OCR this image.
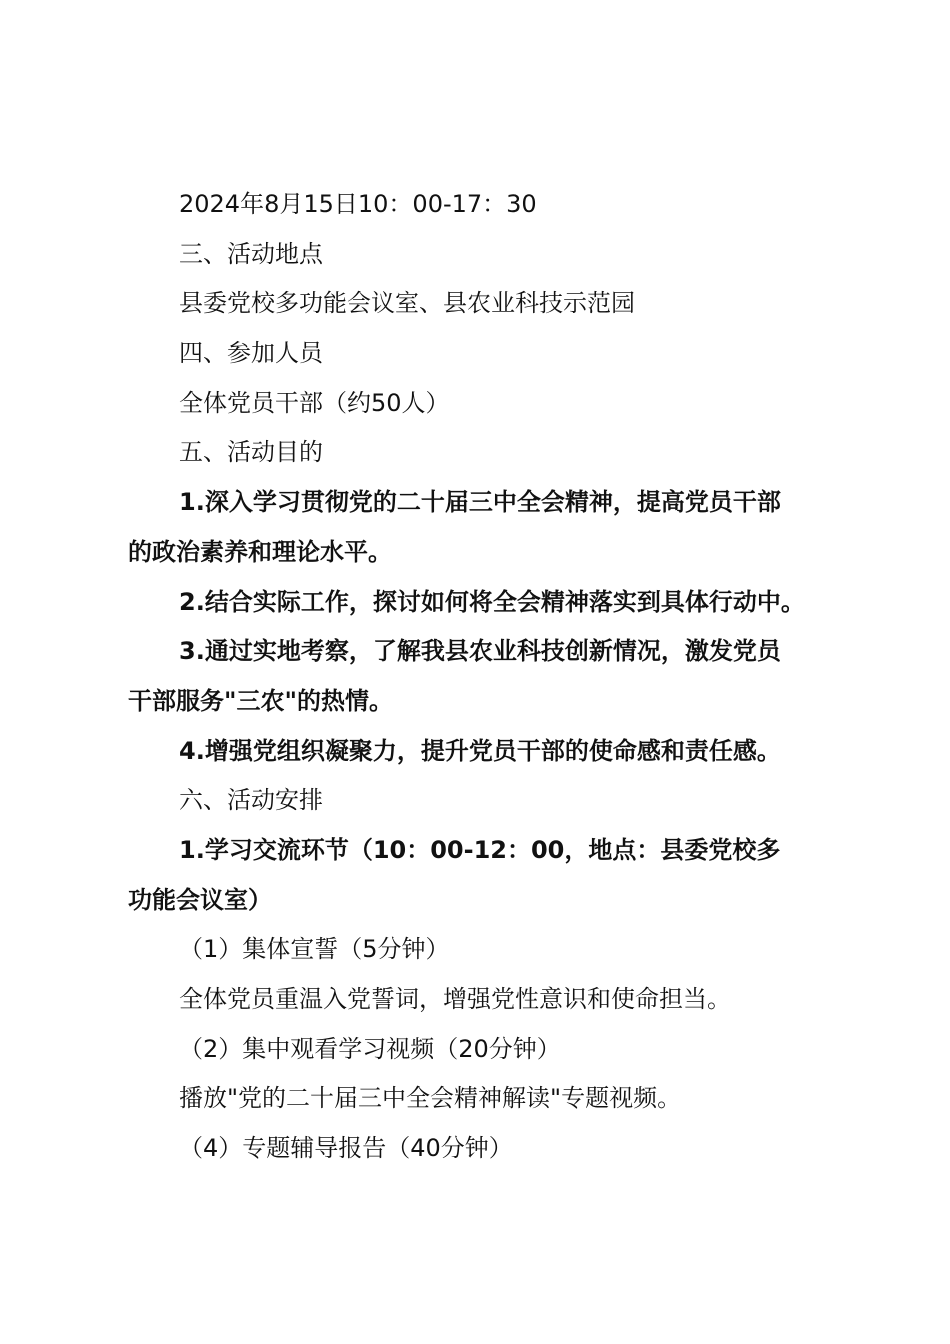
2024年8月15日10：00-17：30

三、活动地点

县委党校多功能会议室、县农业科技示范园

四、参加人员

全体党员干部（约50人）

五、活动目的

1.深入学习贯彻党的二十届三中全会精神，提高党员干部

的政治素养和理论水平。

2.结合实际工作，探讨如何将全会精神落实到具体行动中。

3.通过实地考察，了解我县农业科技创新情况，激发党员

干部服务"三农"的热情。

4.增强党组织凝聚力，提升党员干部的使命感和责任感。

六、活动安排

1.学习交流环节（10：00-12：00，地点：县委党校多

功能会议室）

（1）集体宣誓（5分钟）

全体党员重温入党誓词，增强党性意识和使命担当。

（2）集中观看学习视频（20分钟）

播放"党的二十届三中全会精神解读"专题视频。

（4）专题辅导报告（40分钟）
